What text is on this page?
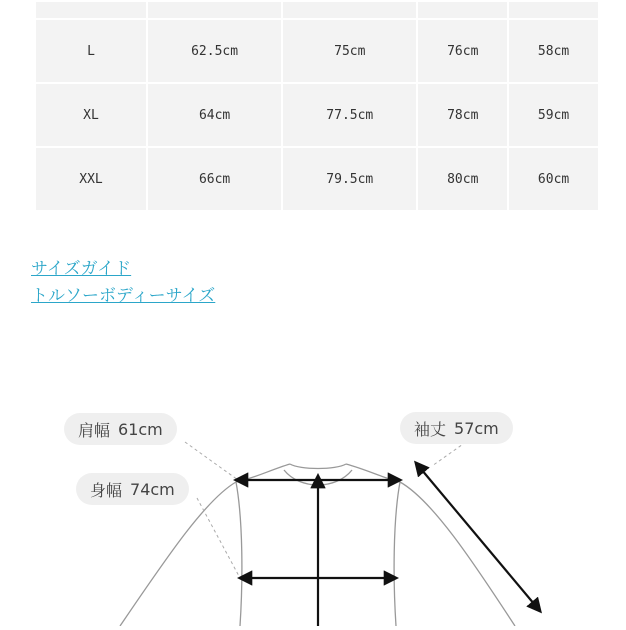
L	62.5cm	75cm	76cm	58cm
XL	64cm	77.5cm	78cm	59cm
XXL	66cm	79.5cm	80cm	60cm
サイズガイド
トルソーボディーサイズ
肩幅 61cm
身幅 74cm
袖丈 57cm
